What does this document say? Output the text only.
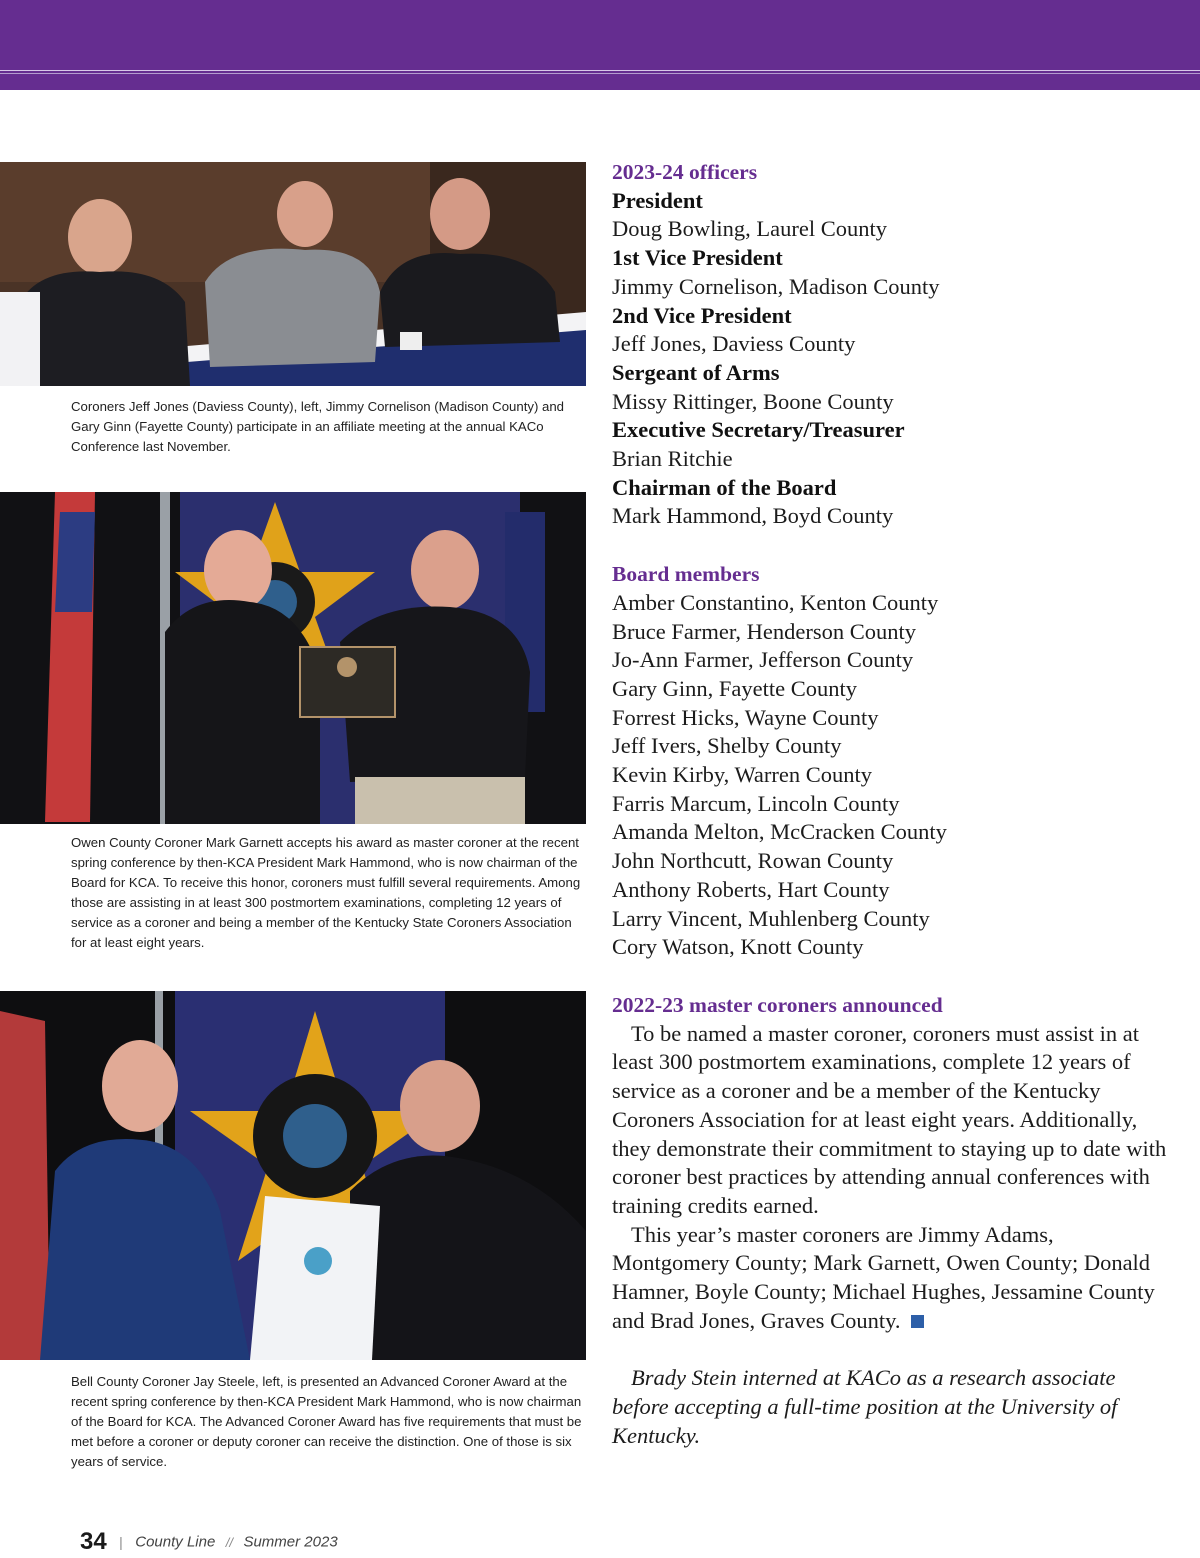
Coroners Jeff Jones (Daviess County), left, Jimmy Cornelison (Madison County) and Gary Ginn (Fayette County) participate in an affiliate meeting at the annual KACo Conference last November.
Owen County Coroner Mark Garnett accepts his award as master coroner at the recent spring conference by then-KCA President Mark Hammond, who is now chairman of the Board for KCA. To receive this honor, coroners must fulfill several requirements. Among those are assisting in at least 300 postmortem examinations, completing 12 years of service as a coroner and being a member of the Kentucky State Coroners Association for at least eight years.
Bell County Coroner Jay Steele, left, is presented an Advanced Coroner Award at the recent spring conference by then-KCA President Mark Hammond, who is now chairman of the Board for KCA. The Advanced Coroner Award has five requirements that must be met before a coroner or deputy coroner can receive the distinction. One of those is six years of service.
2023-24 officers

President

Doug Bowling, Laurel County

1st Vice President

Jimmy Cornelison, Madison County

2nd Vice President

Jeff Jones, Daviess County

Sergeant of Arms

Missy Rittinger, Boone County

Executive Secretary/Treasurer

Brian Ritchie

Chairman of the Board

Mark Hammond, Boyd County

Board members

Amber Constantino, Kenton County

Bruce Farmer, Henderson County

Jo-Ann Farmer, Jefferson County

Gary Ginn, Fayette County

Forrest Hicks, Wayne County

Jeff Ivers, Shelby County

Kevin Kirby, Warren County

Farris Marcum, Lincoln County

Amanda Melton, McCracken County

John Northcutt, Rowan County

Anthony Roberts, Hart County

Larry Vincent, Muhlenberg County

Cory Watson, Knott County

2022-23 master coroners announced

To be named a master coroner, coroners must assist in at least 300 postmortem examinations, complete 12 years of service as a coroner and be a member of the Kentucky Coroners Association for at least eight years. Additionally, they demonstrate their commitment to staying up to date with coroner best practices by attending annual conferences with training credits earned.

This year’s master coroners are Jimmy Adams, Montgomery County; Mark Garnett, Owen County; Donald Hamner, Boyle County; Michael Hughes, Jessamine County and Brad Jones, Graves County.

Brady Stein interned at KACo as a research associate before accepting a full-time position at the University of Kentucky.

34 | County Line // Summer 2023
